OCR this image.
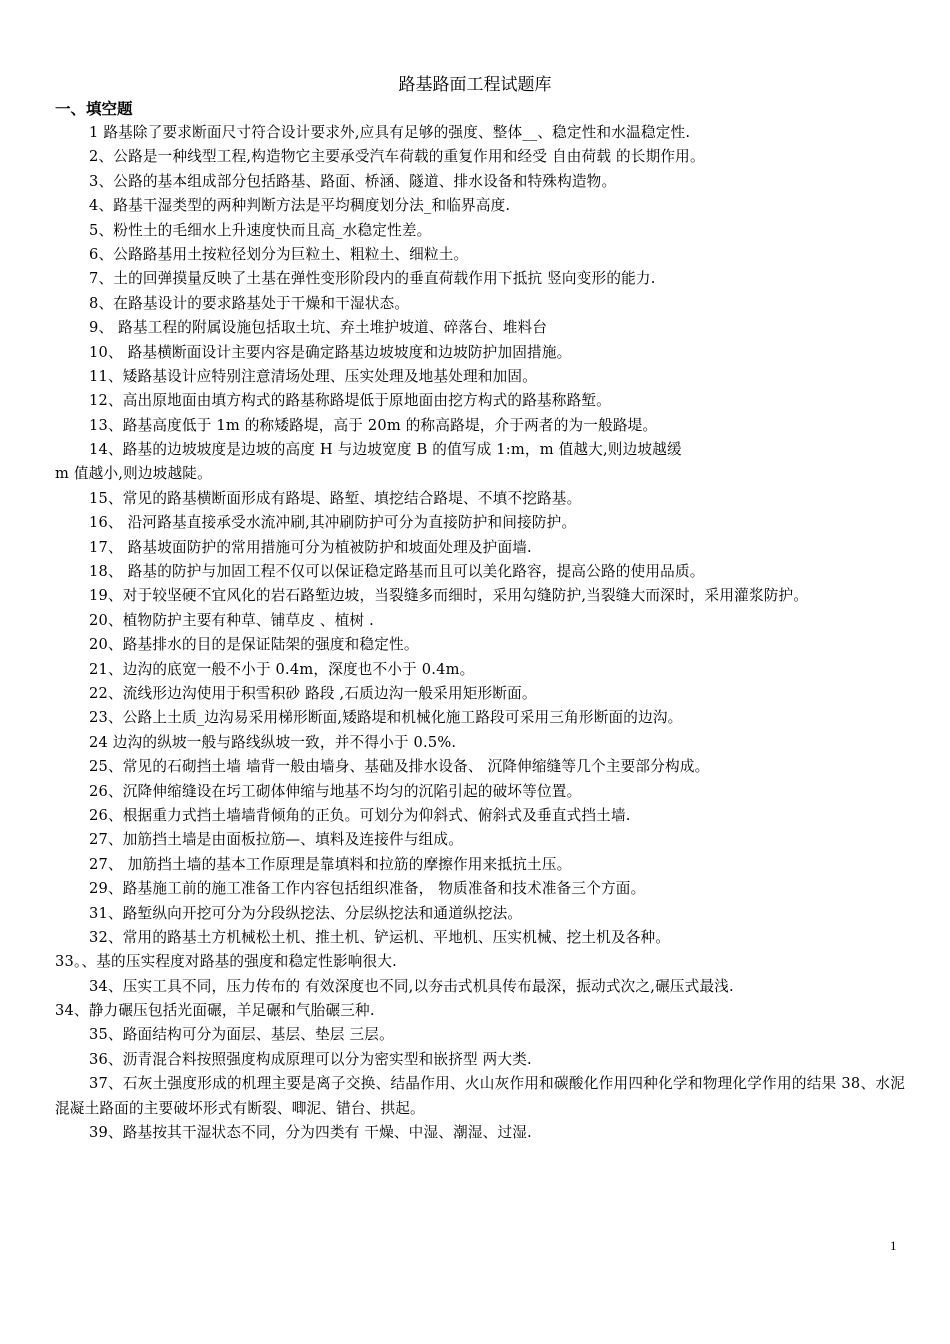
路基路面工程试题库
一、填空题
1 路基除了要求断面尺寸符合设计要求外,应具有足够的强度、整体__、稳定性和水温稳定性.
2、公路是一种线型工程,构造物它主要承受汽车荷载的重复作用和经受 自由荷载 的长期作用。
3、公路的基本组成部分包括路基、路面、桥涵、隧道、排水设备和特殊构造物。
4、路基干湿类型的两种判断方法是平均稠度划分法_和临界高度.
5、粉性土的毛细水上升速度快而且高_水稳定性差。
6、公路路基用土按粒径划分为巨粒土、粗粒土、细粒土。
7、土的回弹摸量反映了土基在弹性变形阶段内的垂直荷载作用下抵抗 竖向变形的能力.
8、在路基设计的要求路基处于干燥和干湿状态。
9、 路基工程的附属设施包括取土坑、弃土堆护坡道、碎落台、堆料台
10、 路基横断面设计主要内容是确定路基边坡坡度和边坡防护加固措施。
11、矮路基设计应特别注意清场处理、压实处理及地基处理和加固。
12、高出原地面由填方构式的路基称路堤低于原地面由挖方构式的路基称路堑。
13、路基高度低于 1m 的称矮路堤，高于 20m 的称高路堤，介于两者的为一般路堤。
14、路基的边坡坡度是边坡的高度 H 与边坡宽度 B 的值写成 1:m，m 值越大,则边坡越缓
m 值越小,则边坡越陡。
15、常见的路基横断面形成有路堤、路堑、填挖结合路堤、不填不挖路基。
16、 沿河路基直接承受水流冲刷,其冲刷防护可分为直接防护和间接防护。
17、 路基坡面防护的常用措施可分为植被防护和坡面处理及护面墙.
18、 路基的防护与加固工程不仅可以保证稳定路基而且可以美化路容，提高公路的使用品质。
19、对于较坚硬不宜风化的岩石路堑边坡，当裂缝多而细时，采用勾缝防护,当裂缝大而深时，采用灌浆防护。
20、植物防护主要有种草、铺草皮 、植树 .
20、路基排水的目的是保证陆架的强度和稳定性。
21、边沟的底宽一般不小于 0.4m，深度也不小于 0.4m。
22、流线形边沟使用于积雪积砂 路段 ,石质边沟一般采用矩形断面。
23、公路上土质_边沟易采用梯形断面,矮路堤和机械化施工路段可采用三角形断面的边沟。
24 边沟的纵坡一般与路线纵坡一致，并不得小于 0.5%.
25、常见的石砌挡土墙 墙背一般由墙身、基础及排水设备、 沉降伸缩缝等几个主要部分构成。
26、沉降伸缩缝设在圬工砌体伸缩与地基不均匀的沉陷引起的破坏等位置。
26、根据重力式挡土墙墙背倾角的正负。可划分为仰斜式、俯斜式及垂直式挡土墙.
27、加筋挡土墙是由面板拉筋—、填料及连接件与组成。
27、 加筋挡土墙的基本工作原理是靠填料和拉筋的摩擦作用来抵抗土压。
29、路基施工前的施工准备工作内容包括组织准备， 物质准备和技术准备三个方面。
31、路堑纵向开挖可分为分段纵挖法、分层纵挖法和通道纵挖法。
32、常用的路基土方机械松土机、推土机、铲运机、平地机、压实机械、挖土机及各种。
33。、基的压实程度对路基的强度和稳定性影响很大.
34、压实工具不同，压力传布的 有效深度也不同,以夯击式机具传布最深，振动式次之,碾压式最浅.
34、静力碾压包括光面碾，羊足碾和气胎碾三种.
35、路面结构可分为面层、基层、垫层 三层。
36、沥青混合料按照强度构成原理可以分为密实型和嵌挤型 两大类.
37、石灰土强度形成的机理主要是离子交换、结晶作用、火山灰作用和碳酸化作用四种化学和物理化学作用的结果 38、水泥混凝土路面的主要破坏形式有断裂、唧泥、错台、拱起。
39、路基按其干湿状态不同，分为四类有 干燥、中湿、潮湿、过湿.
1
